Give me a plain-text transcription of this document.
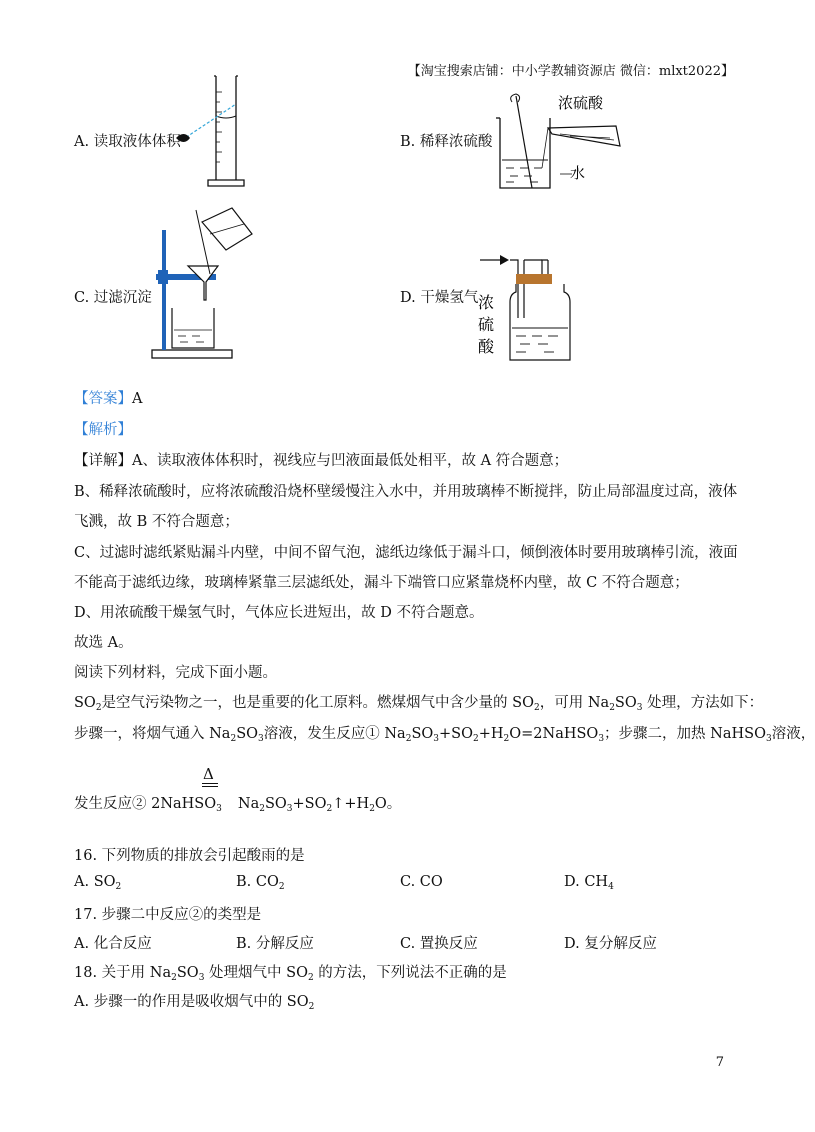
【淘宝搜索店铺：中小学教辅资源店 微信：mlxt2022】
A. 读取液体体积
浓硫酸
水
B. 稀释浓硫酸
C. 过滤沉淀	浓
硫
酸
D. 干燥氢气
【答案】A
【解析】
【详解】A、读取液体体积时，视线应与凹液面最低处相平，故 A 符合题意；
B、稀释浓硫酸时，应将浓硫酸沿烧杯壁缓慢注入水中，并用玻璃棒不断搅拌，防止局部温度过高，液体
飞溅，故 B 不符合题意；
C、过滤时滤纸紧贴漏斗内壁，中间不留气泡，滤纸边缘低于漏斗口，倾倒液体时要用玻璃棒引流，液面
不能高于滤纸边缘，玻璃棒紧靠三层滤纸处，漏斗下端管口应紧靠烧杯内壁，故 C 不符合题意；
D、用浓硫酸干燥氢气时，气体应长进短出，故 D 不符合题意。
故选 A。
阅读下列材料，完成下面小题。
$SO_2$是空气污染物之一，也是重要的化工原料。燃煤烟气中含少量的 $SO_2$，可用 $Na_2SO_3$ 处理，方法如下：
步骤一，将烟气通入 $Na_2SO_3$溶液，发生反应① $Na_2SO_3+SO_2+H_2O=2NaHSO_3$；步骤二，加热 NaHSO$_3$溶液，
Δ
发生反应② 2NaHSO$_3$ $Na_2SO_3+SO_2↑+H_2O$。
16. 下列物质的排放会引起酸雨的是
A. $SO_2$	B. $CO_2$	C. CO	D. $CH_4$
17. 步骤二中反应②的类型是
A. 化合反应	B. 分解反应	C. 置换反应	D. 复分解反应
18. 关于用 $Na_2SO_3$ 处理烟气中 $SO_2$ 的方法，下列说法不正确的是
A. 步骤一的作用是吸收烟气中的 $SO_2$
7
